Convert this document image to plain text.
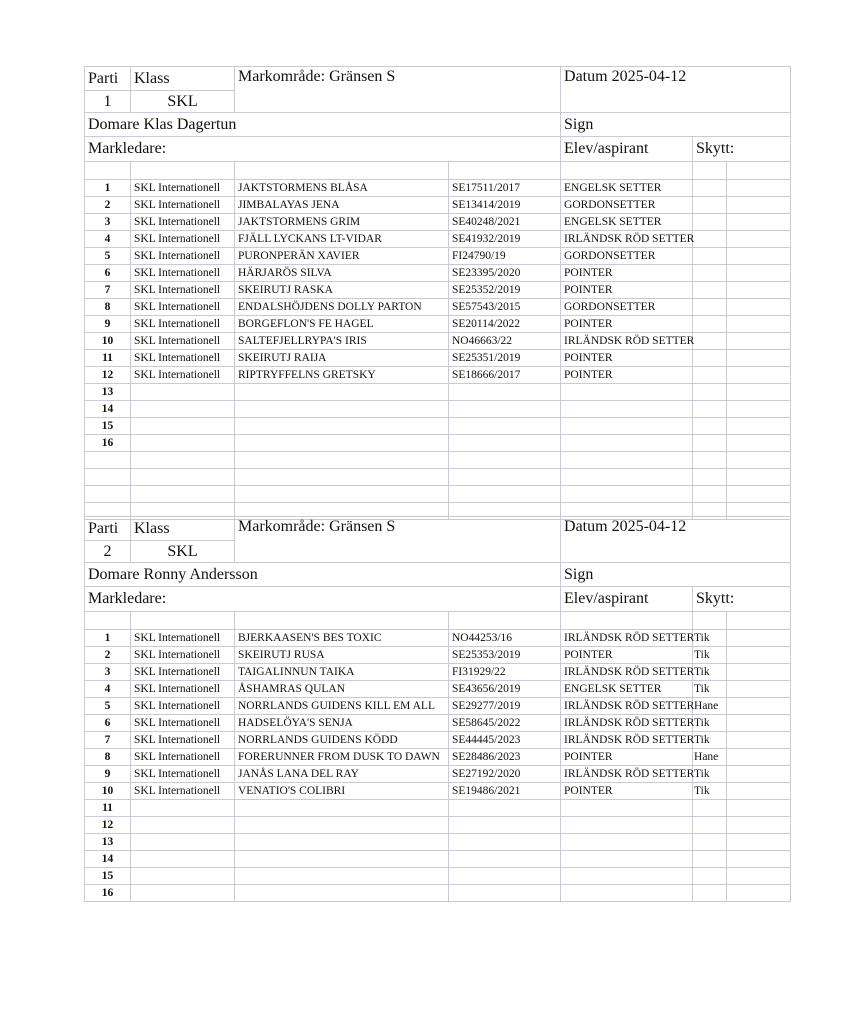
Parti	Klass	Markområde: Gränsen S		Datum 2025-04-12		
1	SKL					
Domare Klas Dagertun				Sign		
Markledare:				Elev/aspirant	Skytt:	

1	SKL Internationell	JAKTSTORMENS BLÅSA	SE17511/2017	ENGELSK SETTER		
2	SKL Internationell	JIMBALAYAS JENA	SE13414/2019	GORDONSETTER		
3	SKL Internationell	JAKTSTORMENS GRIM	SE40248/2021	ENGELSK SETTER		
4	SKL Internationell	FJÄLL LYCKANS LT-VIDAR	SE41932/2019	IRLÄNDSK RÖD SETTER		
5	SKL Internationell	PURONPERÄN XAVIER	FI24790/19	GORDONSETTER		
6	SKL Internationell	HÄRJARÖS SILVA	SE23395/2020	POINTER		
7	SKL Internationell	SKEIRUTJ RASKA	SE25352/2019	POINTER		
8	SKL Internationell	ENDALSHÖJDENS DOLLY PARTON	SE57543/2015	GORDONSETTER		
9	SKL Internationell	BORGEFLON'S FE HAGEL	SE20114/2022	POINTER		
10	SKL Internationell	SALTEFJELLRYPA'S IRIS	NO46663/22	IRLÄNDSK RÖD SETTER		
11	SKL Internationell	SKEIRUTJ RAIJA	SE25351/2019	POINTER		
12	SKL Internationell	RIPTRYFFELNS GRETSKY	SE18666/2017	POINTER		
13						
14						
15						
16						

Parti	Klass	Markområde: Gränsen S		Datum 2025-04-12		
2	SKL					
Domare Ronny Andersson				Sign		
Markledare:				Elev/aspirant	Skytt:	

1	SKL Internationell	BJERKAASEN'S BES TOXIC	NO44253/16	IRLÄNDSK RÖD SETTER	Tik	
2	SKL Internationell	SKEIRUTJ RUSA	SE25353/2019	POINTER	Tik	
3	SKL Internationell	TAIGALINNUN TAIKA	FI31929/22	IRLÄNDSK RÖD SETTER	Tik	
4	SKL Internationell	ÅSHAMRAS QULAN	SE43656/2019	ENGELSK SETTER	Tik	
5	SKL Internationell	NORRLANDS GUIDENS KILL EM ALL	SE29277/2019	IRLÄNDSK RÖD SETTER	Hane	
6	SKL Internationell	HADSELÖYA'S SENJA	SE58645/2022	IRLÄNDSK RÖD SETTER	Tik	
7	SKL Internationell	NORRLANDS GUIDENS KÖDD	SE44445/2023	IRLÄNDSK RÖD SETTER	Tik	
8	SKL Internationell	FORERUNNER FROM DUSK TO DAWN	SE28486/2023	POINTER	Hane	
9	SKL Internationell	JANÅS LANA DEL RAY	SE27192/2020	IRLÄNDSK RÖD SETTER	Tik	
10	SKL Internationell	VENATIO'S COLIBRI	SE19486/2021	POINTER	Tik	
11						
12						
13						
14						
15						
16						
